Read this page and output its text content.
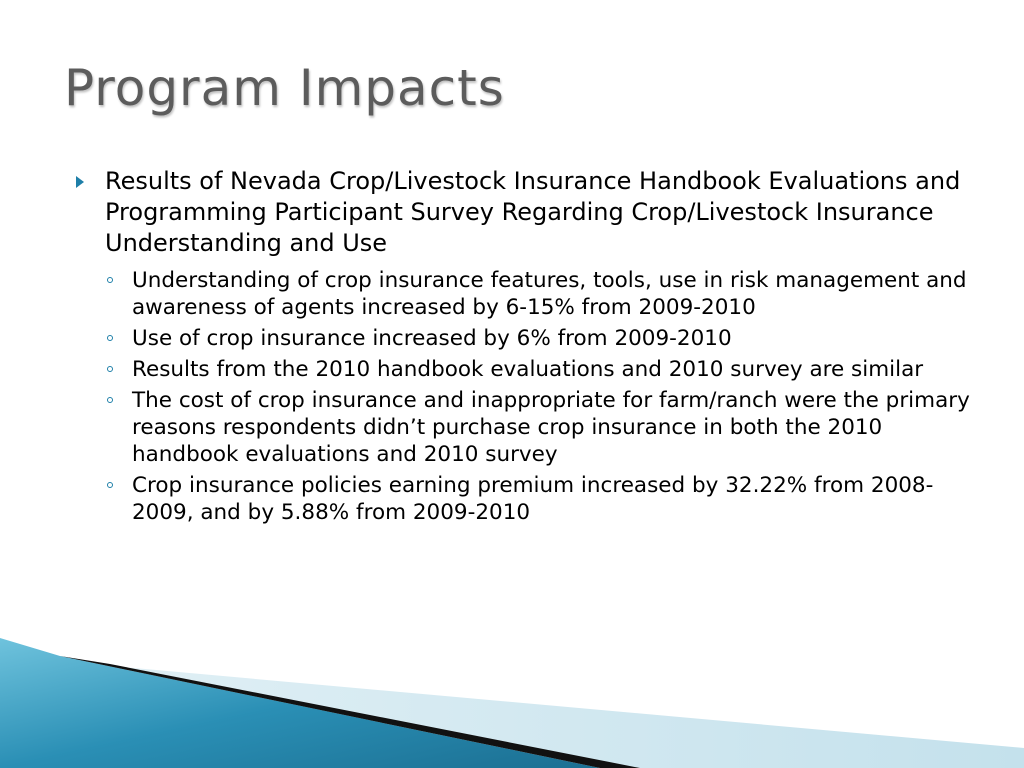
Program Impacts
Results of Nevada Crop/Livestock Insurance Handbook Evaluations and Programming Participant Survey Regarding Crop/Livestock Insurance Understanding and Use
Understanding of crop insurance features, tools, use in risk management and awareness of agents increased by 6-15% from 2009-2010
Use of crop insurance increased by 6% from 2009-2010
Results from the 2010 handbook evaluations and 2010 survey are similar
The cost of crop insurance and inappropriate for farm/ranch were the primary reasons respondents didn’t purchase crop insurance in both the 2010 handbook evaluations and 2010 survey
Crop insurance policies earning premium increased by 32.22% from 2008-2009, and by 5.88% from 2009-2010
